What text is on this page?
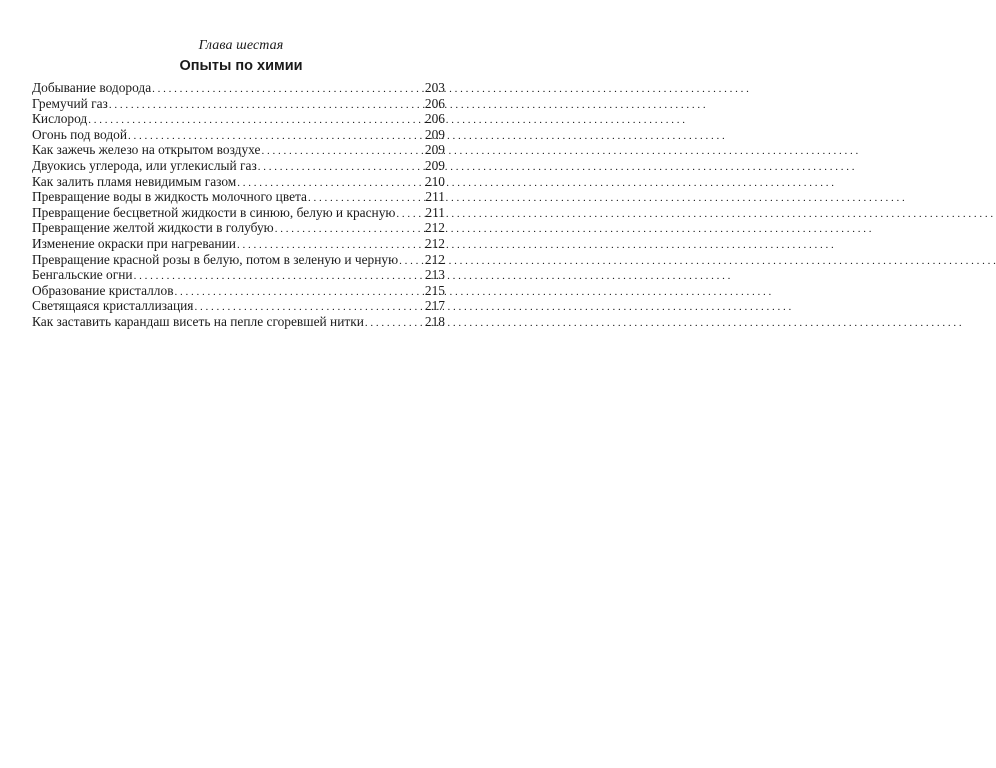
Глава шестая
Опыты по химии
Добывание водорода . . .	203
Гремучий газ . . .	206
Кислород . . .	206
Огонь под водой . . .	209
Как зажечь железо на открытом воздухе . . .	209
Двуокись углерода, или углекислый газ . . .	209
Как залить пламя невидимым газом . . .	210
Превращение воды в жидкость молочного цвета . . .	211
Превращение бесцветной жидкости в синюю, белую и красную . . . 211
Превращение желтой жидкости в голубую . . .	212
Изменение окраски при нагревании . . .	212
Превращение красной розы в белую, потом в зеленую и черную . . . 212
Бенгальские огни . . .	213
Образование кристаллов . . .	215
Светящаяся кристаллизация . . .	217
Как заставить карандаш висеть на пепле сгоревшей нитки . . .	218
